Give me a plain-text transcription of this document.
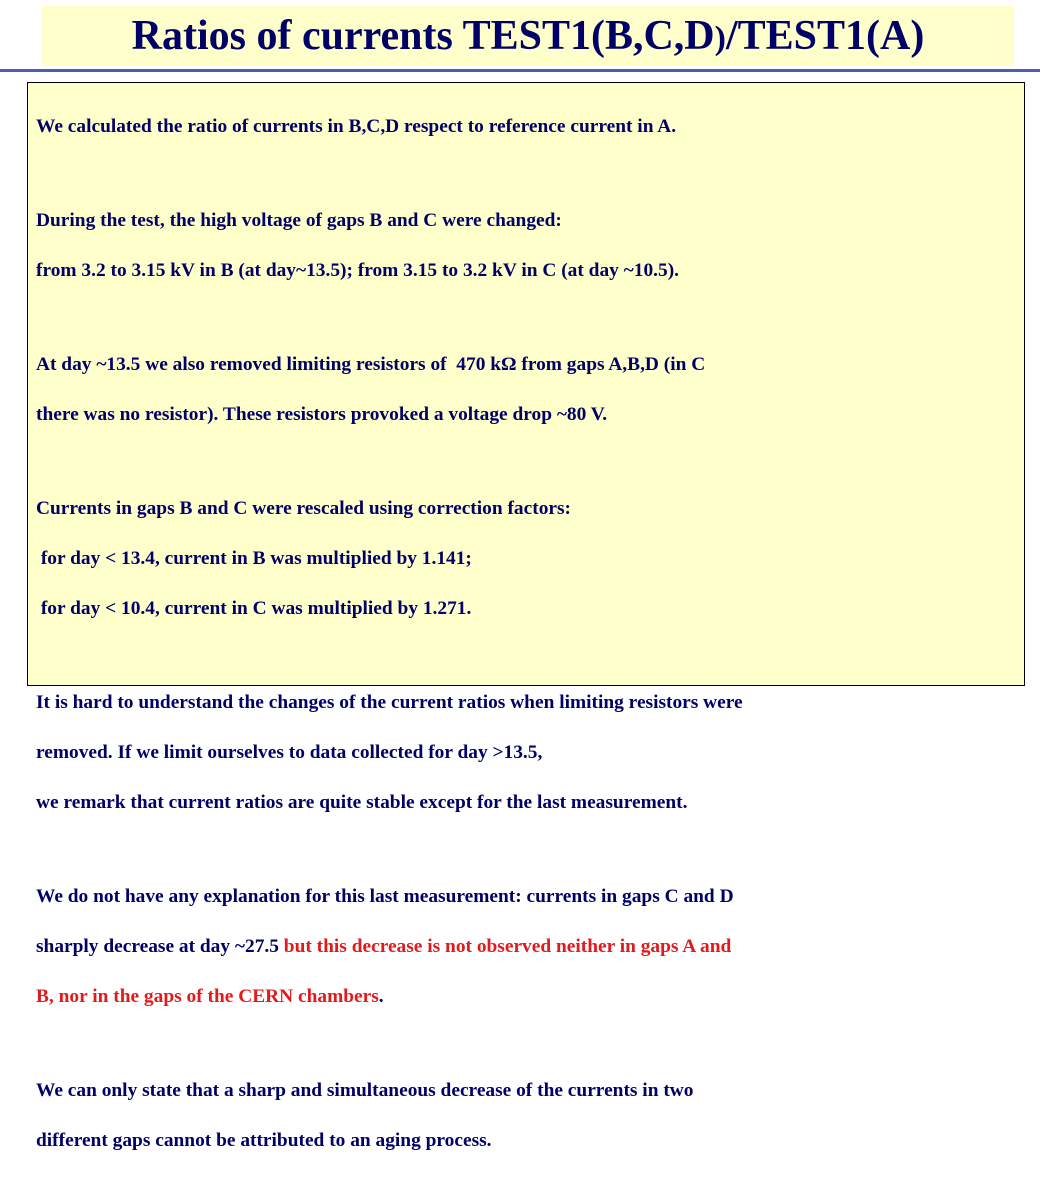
Ratios of currents TEST1(B,C,D)/TEST1(A)

We calculated the ratio of currents in B,C,D respect to reference current in A.

During the test, the high voltage of gaps B and C were changed:

from 3.2 to 3.15 kV in B (at day~13.5); from 3.15 to 3.2 kV in C (at day ~10.5).

At day ~13.5 we also removed limiting resistors of  470 kΩ from gaps A,B,D (in C

there was no resistor). These resistors provoked a voltage drop ~80 V.

Currents in gaps B and C were rescaled using correction factors:

for day < 13.4, current in B was multiplied by 1.141;

for day < 10.4, current in C was multiplied by 1.271.

It is hard to understand the changes of the current ratios when limiting resistors were

removed. If we limit ourselves to data collected for day >13.5,

we remark that current ratios are quite stable except for the last measurement.

We do not have any explanation for this last measurement: currents in gaps C and D

sharply decrease at day ~27.5 but this decrease is not observed neither in gaps A and

B, nor in the gaps of the CERN chambers.

We can only state that a sharp and simultaneous decrease of the currents in two

different gaps cannot be attributed to an aging process.
